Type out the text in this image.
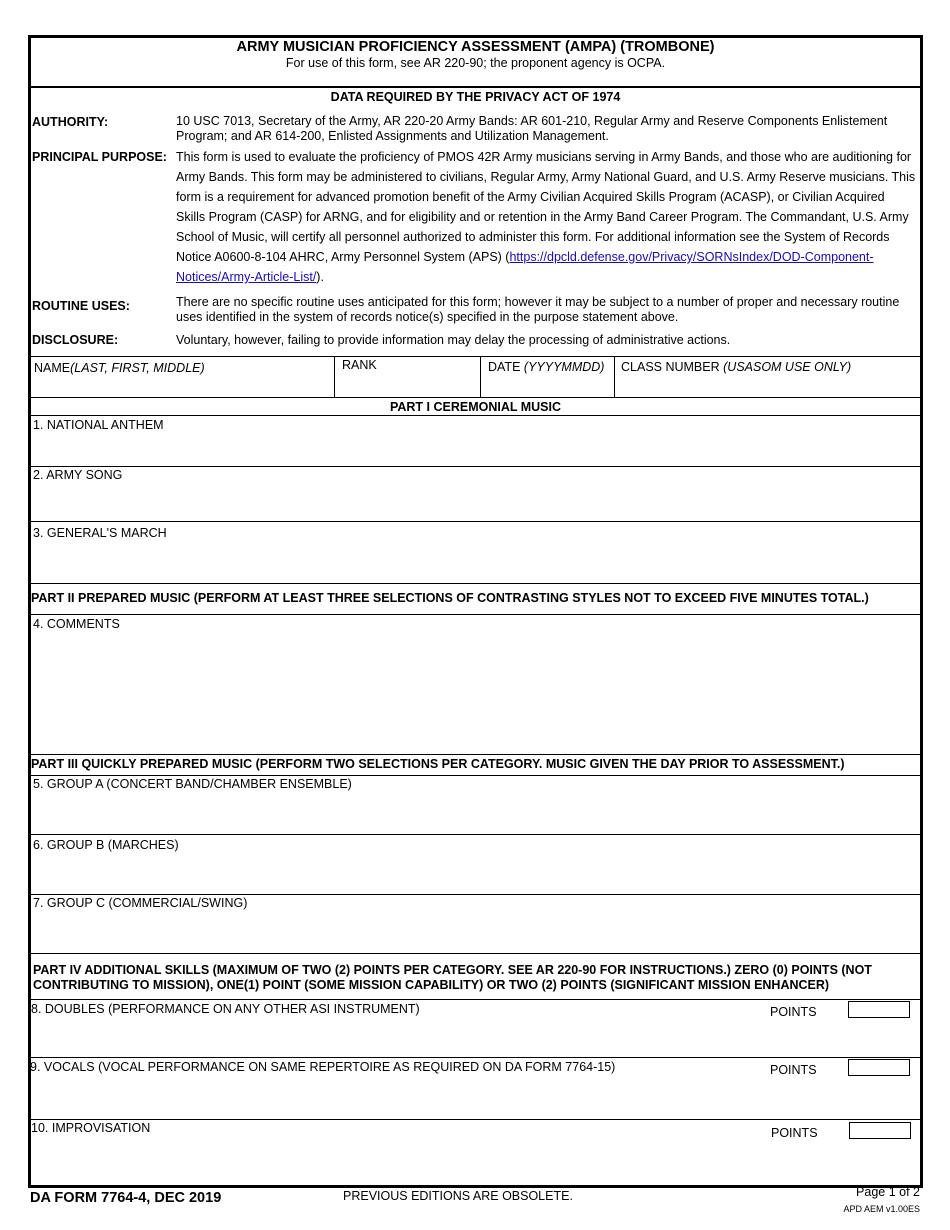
ARMY MUSICIAN PROFICIENCY ASSESSMENT (AMPA) (TROMBONE)
For use of this form, see AR 220-90; the proponent agency is OCPA.
DATA REQUIRED BY THE PRIVACY ACT OF 1974
AUTHORITY:	10 USC 7013, Secretary of the Army, AR 220-20 Army Bands: AR 601-210, Regular Army and Reserve Components Enlistement Program; and AR 614-200, Enlisted Assignments and Utilization Management.
PRINCIPAL PURPOSE: This form is used to evaluate the proficiency of PMOS 42R Army musicians serving in Army Bands, and those who are auditioning for Army Bands. This form may be administered to civilians, Regular Army, Army National Guard, and U.S. Army Reserve musicians. This form is a requirement for advanced promotion benefit of the Army Civilian Acquired Skills Program (ACASP), or Civilian Acquired Skills Program (CASP) for ARNG, and for eligibility and or retention in the Army Band Career Program. The Commandant, U.S. Army School of Music, will certify all personnel authorized to administer this form. For additional information see the System of Records Notice A0600-8-104 AHRC, Army Personnel System (APS) (https://dpcld.defense.gov/Privacy/SORNsIndex/DOD-Component-Notices/Army-Article-List/).
ROUTINE USES:	There are no specific routine uses anticipated for this form; however it may be subject to a number of proper and necessary routine uses identified in the system of records notice(s) specified in the purpose statement above.
DISCLOSURE:	Voluntary, however, failing to provide information may delay the processing of administrative actions.
NAME(LAST, FIRST, MIDDLE)	RANK	DATE (YYYYMMDD) CLASS NUMBER (USASOM USE ONLY)
PART I CEREMONIAL MUSIC
1. NATIONAL ANTHEM
2. ARMY SONG
3. GENERAL'S MARCH
PART II PREPARED MUSIC (PERFORM AT LEAST THREE SELECTIONS OF CONTRASTING STYLES NOT TO EXCEED FIVE MINUTES TOTAL.)
4. COMMENTS
PART III QUICKLY PREPARED MUSIC (PERFORM TWO SELECTIONS PER CATEGORY. MUSIC GIVEN THE DAY PRIOR TO ASSESSMENT.)
5. GROUP A (CONCERT BAND/CHAMBER ENSEMBLE)
6. GROUP B (MARCHES)
7. GROUP C (COMMERCIAL/SWING)
PART IV ADDITIONAL SKILLS (MAXIMUM OF TWO (2) POINTS PER CATEGORY. SEE AR 220-90 FOR INSTRUCTIONS.) ZERO (0) POINTS (NOT CONTRIBUTING TO MISSION), ONE(1) POINT (SOME MISSION CAPABILITY) OR TWO (2) POINTS (SIGNIFICANT MISSION ENHANCER)
8. DOUBLES (PERFORMANCE ON ANY OTHER ASI INSTRUMENT)	POINTS
9. VOCALS (VOCAL PERFORMANCE ON SAME REPERTOIRE AS REQUIRED ON DA FORM 7764-15)	POINTS
10. IMPROVISATION	POINTS
DA FORM 7764-4, DEC 2019	PREVIOUS EDITIONS ARE OBSOLETE.	Page 1 of 2
APD AEM v1.00ES
